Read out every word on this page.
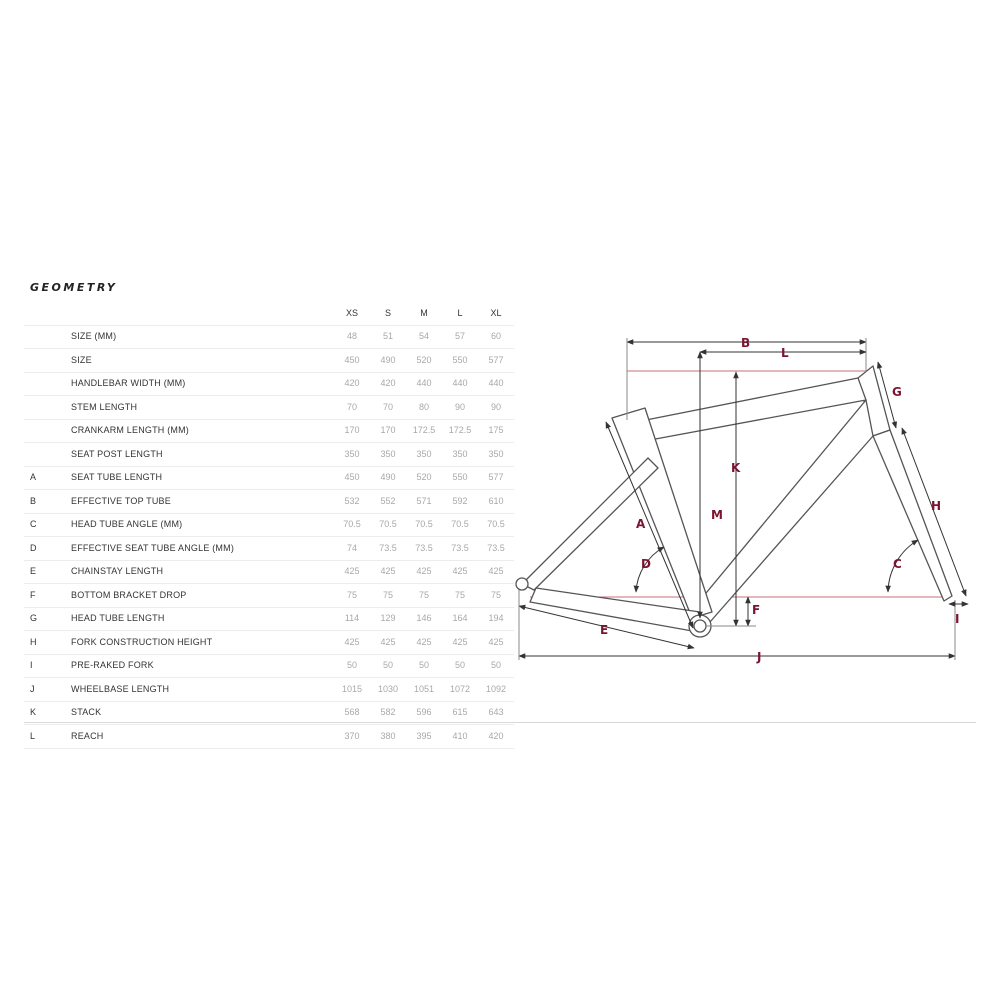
GEOMETRY
		XS	S	M	L	XL
	SIZE (MM)	48	51	54	57	60
	SIZE	450	490	520	550	577
	HANDLEBAR WIDTH (MM)	420	420	440	440	440
	STEM LENGTH	70	70	80	90	90
	CRANKARM LENGTH (MM)	170	170	172.5	172.5	175
	SEAT POST LENGTH	350	350	350	350	350
A	SEAT TUBE LENGTH	450	490	520	550	577
B	EFFECTIVE TOP TUBE	532	552	571	592	610
C	HEAD TUBE ANGLE (MM)	70.5	70.5	70.5	70.5	70.5
D	EFFECTIVE SEAT TUBE ANGLE (MM)	74	73.5	73.5	73.5	73.5
E	CHAINSTAY LENGTH	425	425	425	425	425
F	BOTTOM BRACKET DROP	75	75	75	75	75
G	HEAD TUBE LENGTH	114	129	146	164	194
H	FORK CONSTRUCTION HEIGHT	425	425	425	425	425
I	PRE-RAKED FORK	50	50	50	50	50
J	WHEELBASE LENGTH	1015	1030	1051	1072	1092
K	STACK	568	582	596	615	643
L	REACH	370	380	395	410	420
A
B
C
D
E
F
G
H
I
J
K
L
M
